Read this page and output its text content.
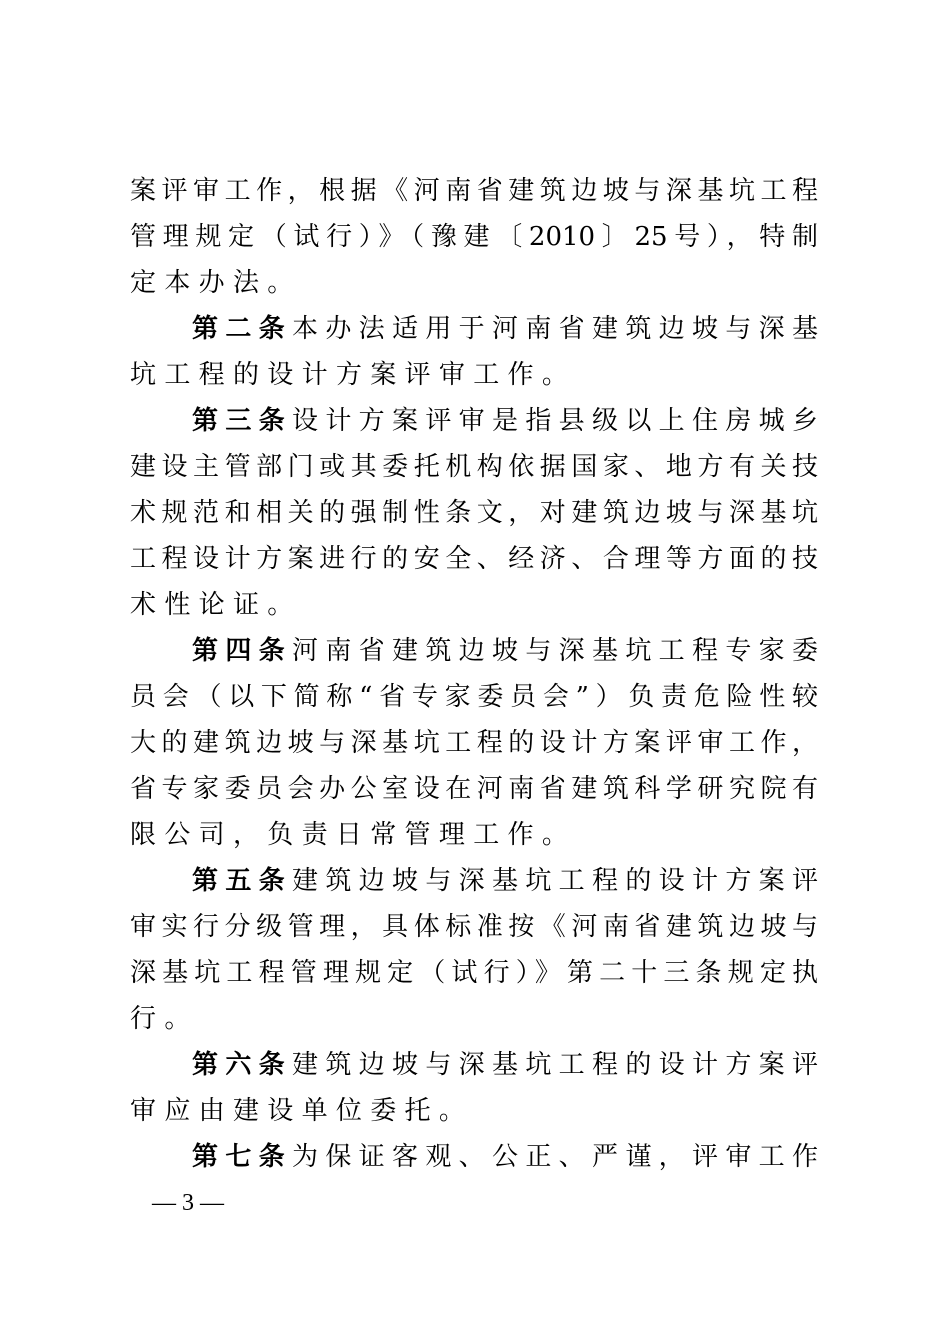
案评审工作，根据《河南省建筑边坡与深基坑工程
管理规定（试行）》（豫建〔2010〕25号），特制
定本办法。
第二条本办法适用于河南省建筑边坡与深基
坑工程的设计方案评审工作。
第三条设计方案评审是指县级以上住房城乡
建设主管部门或其委托机构依据国家、地方有关技
术规范和相关的强制性条文，对建筑边坡与深基坑
工程设计方案进行的安全、经济、合理等方面的技
术性论证。
第四条河南省建筑边坡与深基坑工程专家委
员会（以下简称“省专家委员会”）负责危险性较
大的建筑边坡与深基坑工程的设计方案评审工作，
省专家委员会办公室设在河南省建筑科学研究院有
限公司，负责日常管理工作。
第五条建筑边坡与深基坑工程的设计方案评
审实行分级管理，具体标准按《河南省建筑边坡与
深基坑工程管理规定（试行）》第二十三条规定执
行。
第六条建筑边坡与深基坑工程的设计方案评
审应由建设单位委托。
第七条为保证客观、公正、严谨，评审工作
— 3 —
